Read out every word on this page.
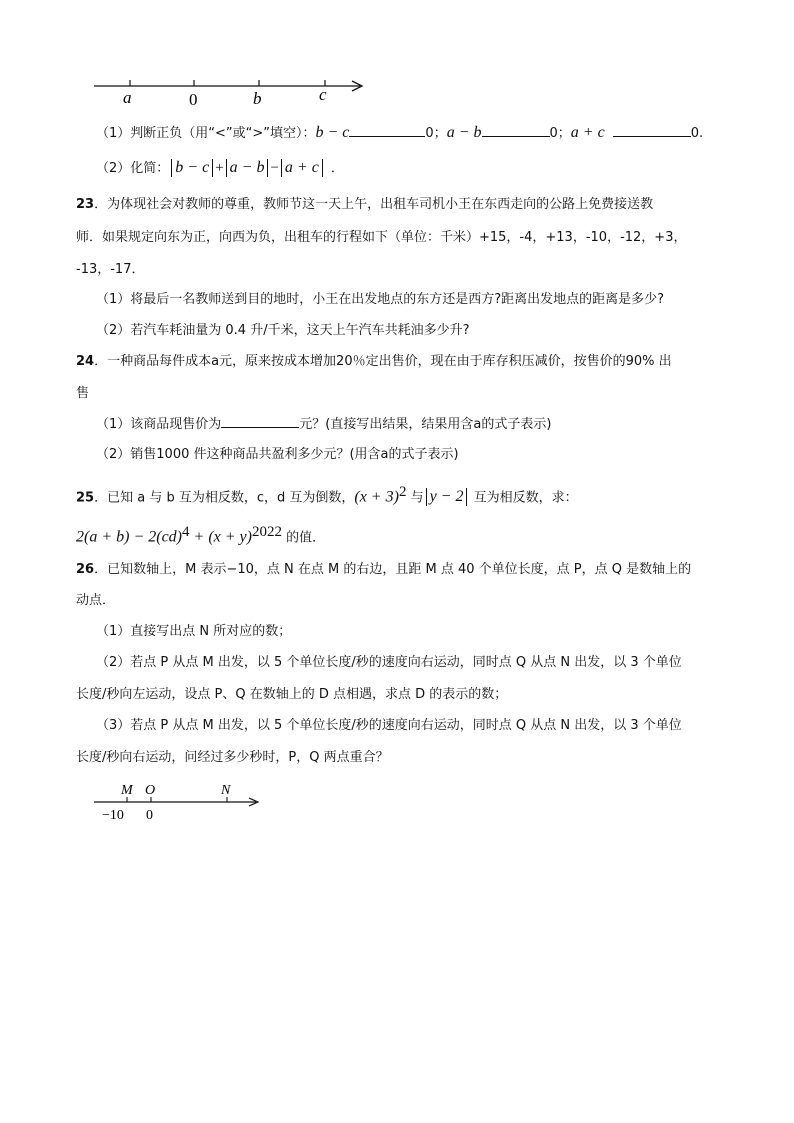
a	0	b	c
（1）判断正负（用“<”或“>”填空）：b − c	0；a − b	0；a + c	0.
（2）化简： b − c + a − b − a + c ．
23．为体现社会对教师的尊重，教师节这一天上午，出租车司机小王在东西走向的公路上免费接送教
师．如果规定向东为正，向西为负，出租车的行程如下（单位：千米）+15，-4，+13，-10，-12，+3，
-13，-17．
（1）将最后一名教师送到目的地时，小王在出发地点的东方还是西方?距离出发地点的距离是多少?
（2）若汽车耗油量为 0.4 升/千米，这天上午汽车共耗油多少升?
24．一种商品每件成本a元，原来按成本增加20％定出售价，现在由于库存积压减价，按售价的90% 出
售
（1）该商品现售价为	元？(直接写出结果，结果用含a的式子表示)
（2）销售1000 件这种商品共盈利多少元？(用含a的式子表示)
25．已知 a 与 b 互为相反数，c，d 互为倒数，$(x + 3)^2$ 与 y − 2 互为相反数，求：
$2(a + b) - 2(cd)^4 + (x + y)^{2022}$ 的值．
26．已知数轴上，M 表示−10，点 N 在点 M 的右边，且距 M 点 40 个单位长度，点 P，点 Q 是数轴上的
动点．
（1）直接写出点 N 所对应的数；
（2）若点 P 从点 M 出发，以 5 个单位长度/秒的速度向右运动，同时点 Q 从点 N 出发，以 3 个单位
长度/秒向左运动，设点 P、Q 在数轴上的 D 点相遇，求点 D 的表示的数；
（3）若点 P 从点 M 出发，以 5 个单位长度/秒的速度向右运动，同时点 Q 从点 N 出发，以 3 个单位
长度/秒向右运动，问经过多少秒时，P，Q 两点重合？
M O	N
−10 0
